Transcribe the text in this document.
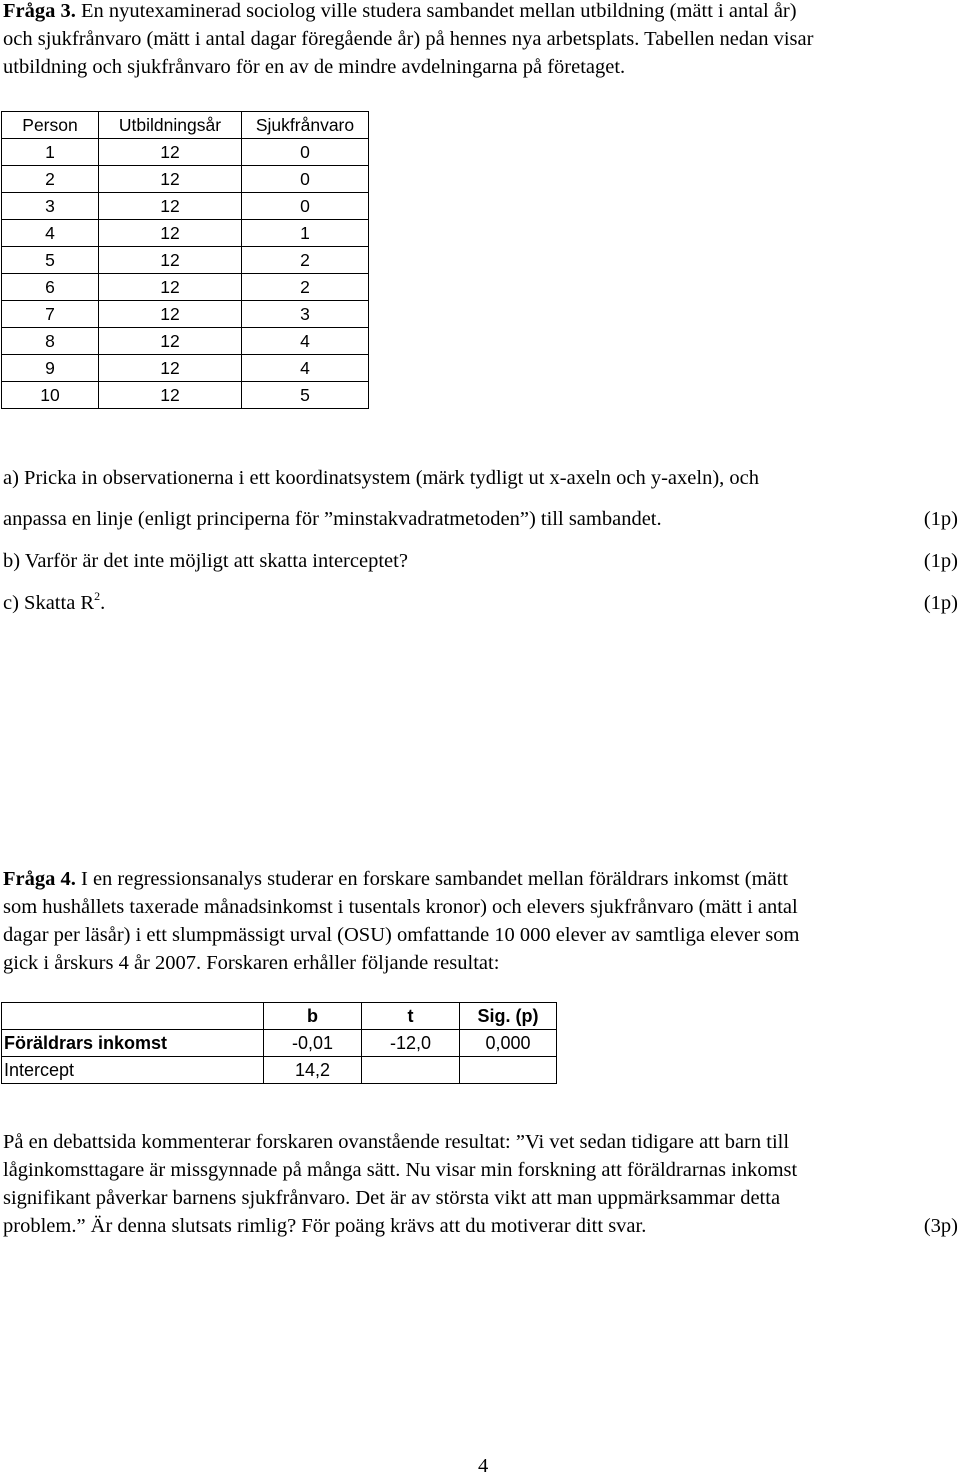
Fråga 3. En nyutexaminerad sociolog ville studera sambandet mellan utbildning (mätt i antal år)
och sjukfrånvaro (mätt i antal dagar föregående år) på hennes nya arbetsplats. Tabellen nedan visar
utbildning och sjukfrånvaro för en av de mindre avdelningarna på företaget.
Person	Utbildningsår	Sjukfrånvaro
1	12	0
2	12	0
3	12	0
4	12	1
5	12	2
6	12	2
7	12	3
8	12	4
9	12	4
10	12	5
a) Pricka in observationerna i ett koordinatsystem (märk tydligt ut x-axeln och y-axeln), och
anpassa en linje (enligt principerna för ”minstakvadratmetoden”) till sambandet.	(1p)
b) Varför är det inte möjligt att skatta interceptet?	(1p)
c) Skatta $R^2$.	(1p)
Fråga 4. I en regressionsanalys studerar en forskare sambandet mellan föräldrars inkomst (mätt
som hushållets taxerade månadsinkomst i tusentals kronor) och elevers sjukfrånvaro (mätt i antal
dagar per läsår) i ett slumpmässigt urval (OSU) omfattande 10 000 elever av samtliga elever som
gick i årskurs 4 år 2007. Forskaren erhåller följande resultat:
	b	t	Sig. (p)
Föräldrars inkomst	-0,01	-12,0	0,000
Intercept	14,2		
På en debattsida kommenterar forskaren ovanstående resultat: ”Vi vet sedan tidigare att barn till
låginkomsttagare är missgynnade på många sätt. Nu visar min forskning att föräldrarnas inkomst
signifikant påverkar barnens sjukfrånvaro. Det är av största vikt att man uppmärksammar detta
problem.” Är denna slutsats rimlig? För poäng krävs att du motiverar ditt svar.	(3p)
4
